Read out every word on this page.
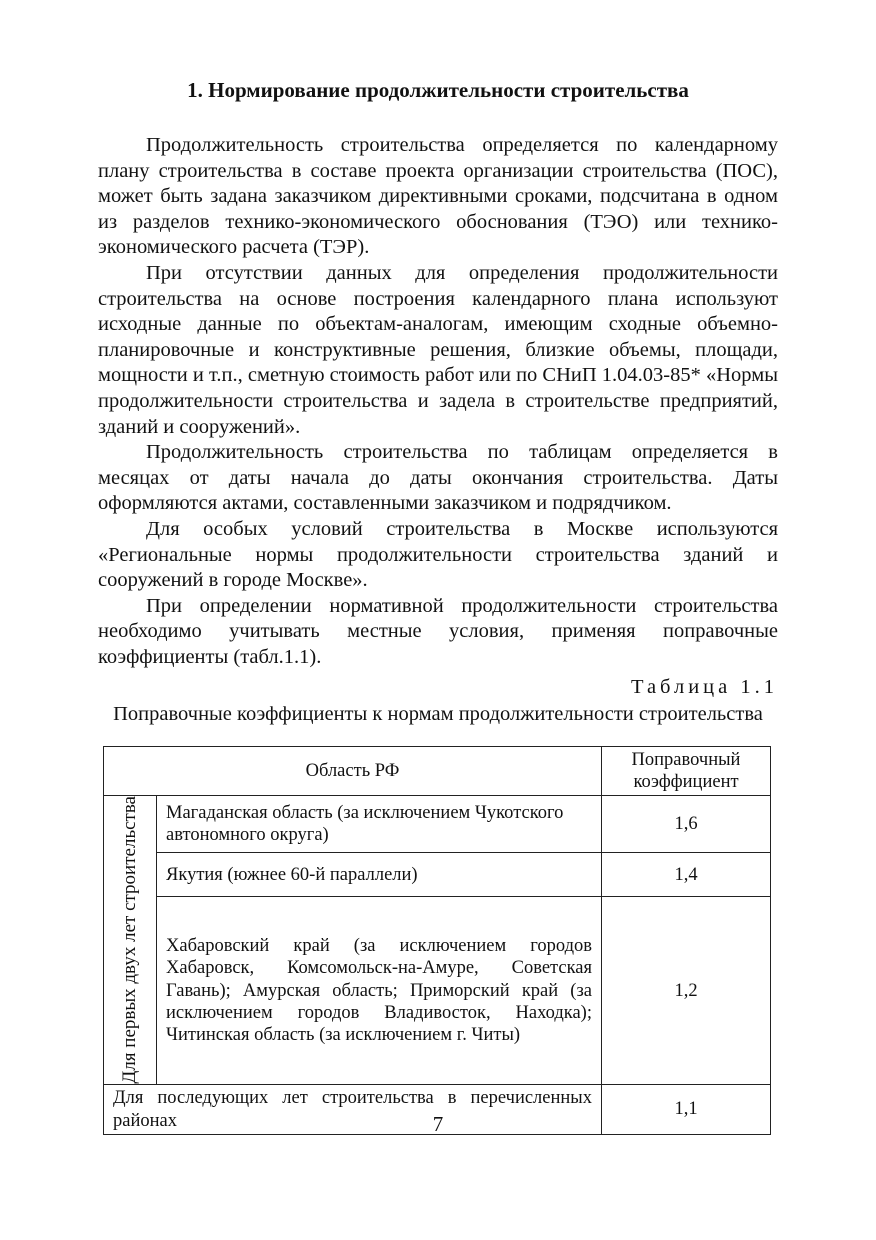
1. Нормирование продолжительности строительства

Продолжительность строительства определяется по календарному плану строительства в составе проекта организации строительства (ПОС), может быть задана заказчиком директивными сроками, подсчитана в одном из разделов технико-экономического обоснования (ТЭО) или технико-экономического расчета (ТЭР).

При отсутствии данных для определения продолжительности строительства на основе построения календарного плана используют исходные данные по объектам-аналогам, имеющим сходные объемно-планировочные и конструктивные решения, близкие объемы, площади, мощности и т.п., сметную стоимость работ или по СНиП 1.04.03-85* «Нормы продолжительности строительства и задела в строительстве предприятий, зданий и сооружений».

Продолжительность строительства по таблицам определяется в месяцах от даты начала до даты окончания строительства. Даты оформляются актами, составленными заказчиком и подрядчиком.

Для особых условий строительства в Москве используются «Региональные нормы продолжительности строительства зданий и сооружений в городе Москве».

При определении нормативной продолжительности строительства необходимо учитывать местные условия, применяя поправочные коэффициенты (табл.1.1).

Таблица 1.1
Поправочные коэффициенты к нормам продолжительности строительства
Область РФ		Поправочный коэффициент

Для первых двух лет строительства	Магаданская область (за исключением Чукотского автономного округа)	1,6
	Якутия (южнее 60-й параллели)	1,4
	Хабаровский край (за исключением городов Хабаровск, Комсомольск-на-Амуре, Советская Гавань); Амурская область; Приморский край (за исключением городов Владивосток, Находка); Читинская область (за исключением г. Читы)	1,2
Для последующих лет строительства в перечисленных районах		1,1
7
